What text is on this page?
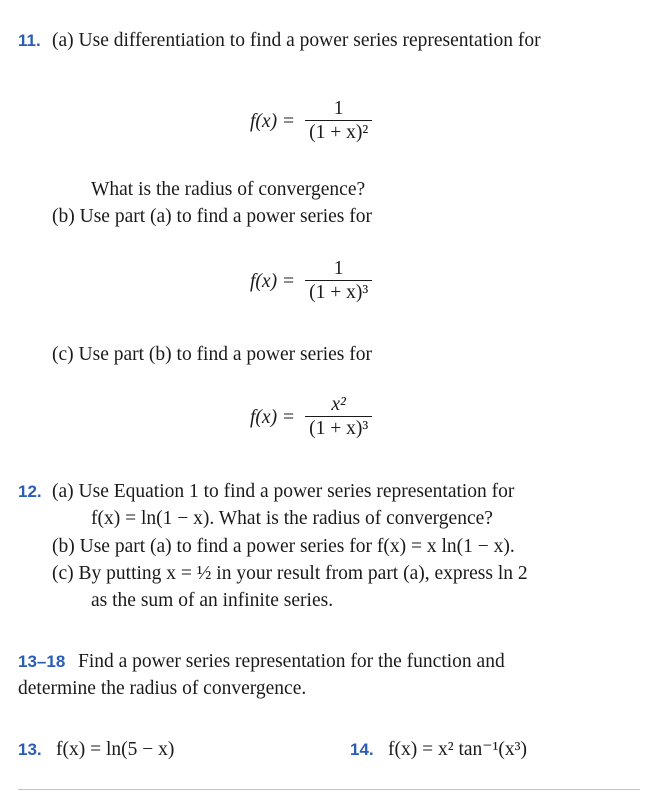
11. (a) Use differentiation to find a power series representation for
f(x) =
1
(1 + x)²
What is the radius of convergence?
(b) Use part (a) to find a power series for
f(x) =
1
(1 + x)³
(c) Use part (b) to find a power series for
f(x) =
x²
(1 + x)³
12. (a) Use Equation 1 to find a power series representation for
f(x) = ln(1 − x). What is the radius of convergence?
(b) Use part (a) to find a power series for f(x) = x ln(1 − x).
(c) By putting x = ½ in your result from part (a), express ln 2
as the sum of an infinite series.
13–18 Find a power series representation for the function and
determine the radius of convergence.
13. f(x) = ln(5 − x)	14. f(x) = x² tan⁻¹(x³)
